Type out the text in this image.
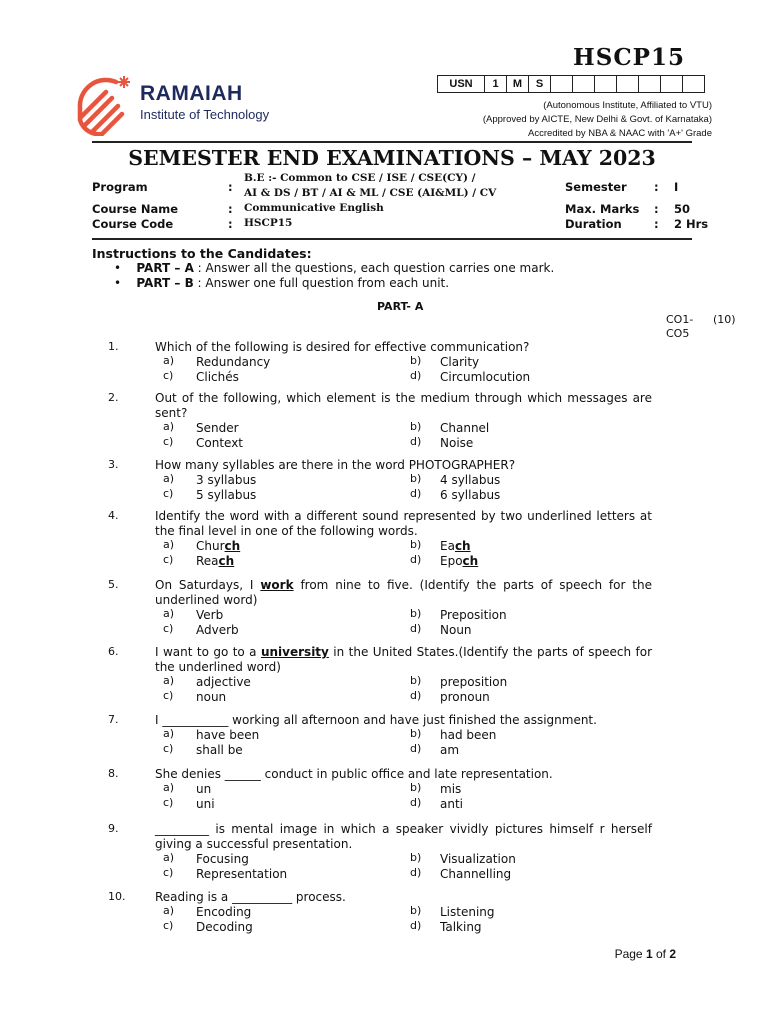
HSCP15
USN	1	M	S							
(Autonomous Institute, Affiliated to VTU)
(Approved by AICTE, New Delhi & Govt. of Karnataka)
Accredited by NBA & NAAC with 'A+' Grade
RAMAIAH
Institute of Technology
SEMESTER END EXAMINATIONS – MAY 2023
Program	:
B.E :- Common to CSE / ISE / CSE(CY) /
AI & DS / BT / AI & ML / CSE (AI&ML) / CV
Course Name	: Communicative English
Course Code	: HSCP15
Semester : I
Max. Marks : 50
Duration	: 2 Hrs
Instructions to the Candidates:
•    PART – A : Answer all the questions, each question carries one mark.
•    PART – B : Answer one full question from each unit.
PART- A
CO1-
CO5
(10)
1.	Which of the following is desired for effective communication?
a) Redundancy	b) Clarity
c) Clichés	d) Circumlocution
2.	Out of the following, which element is the medium through which messages are sent?
a) Sender	b) Channel
c) Context	d) Noise
3.	How many syllables are there in the word PHOTOGRAPHER?
a) 3 syllabus	b) 4 syllabus
c) 5 syllabus	d) 6 syllabus
4.	Identify the word with a different sound represented by two underlined letters at the final level in one of the following words.
a) Church	b) Each
c) Reach	d) Epoch
5.	On Saturdays, I work from nine to five. (Identify the parts of speech for the underlined word)
a) Verb	b) Preposition
c) Adverb	d) Noun
6.	I want to go to a university in the United States.(Identify the parts of speech for the underlined word)
a) adjective	b) preposition
c) noun	d) pronoun
7.	I ___________ working all afternoon and have just finished the assignment.
a) have been	b) had been
c) shall be	d) am
8.	She denies ______ conduct in public office and late representation.
a) un	b) mis
c) uni	d) anti
9.	_________ is mental image in which a speaker vividly pictures himself r herself giving a successful presentation.
a) Focusing	b) Visualization
c) Representation	d) Channelling
10.	Reading is a __________ process.
a) Encoding	b) Listening
c) Decoding	d) Talking
Page 1 of 2
